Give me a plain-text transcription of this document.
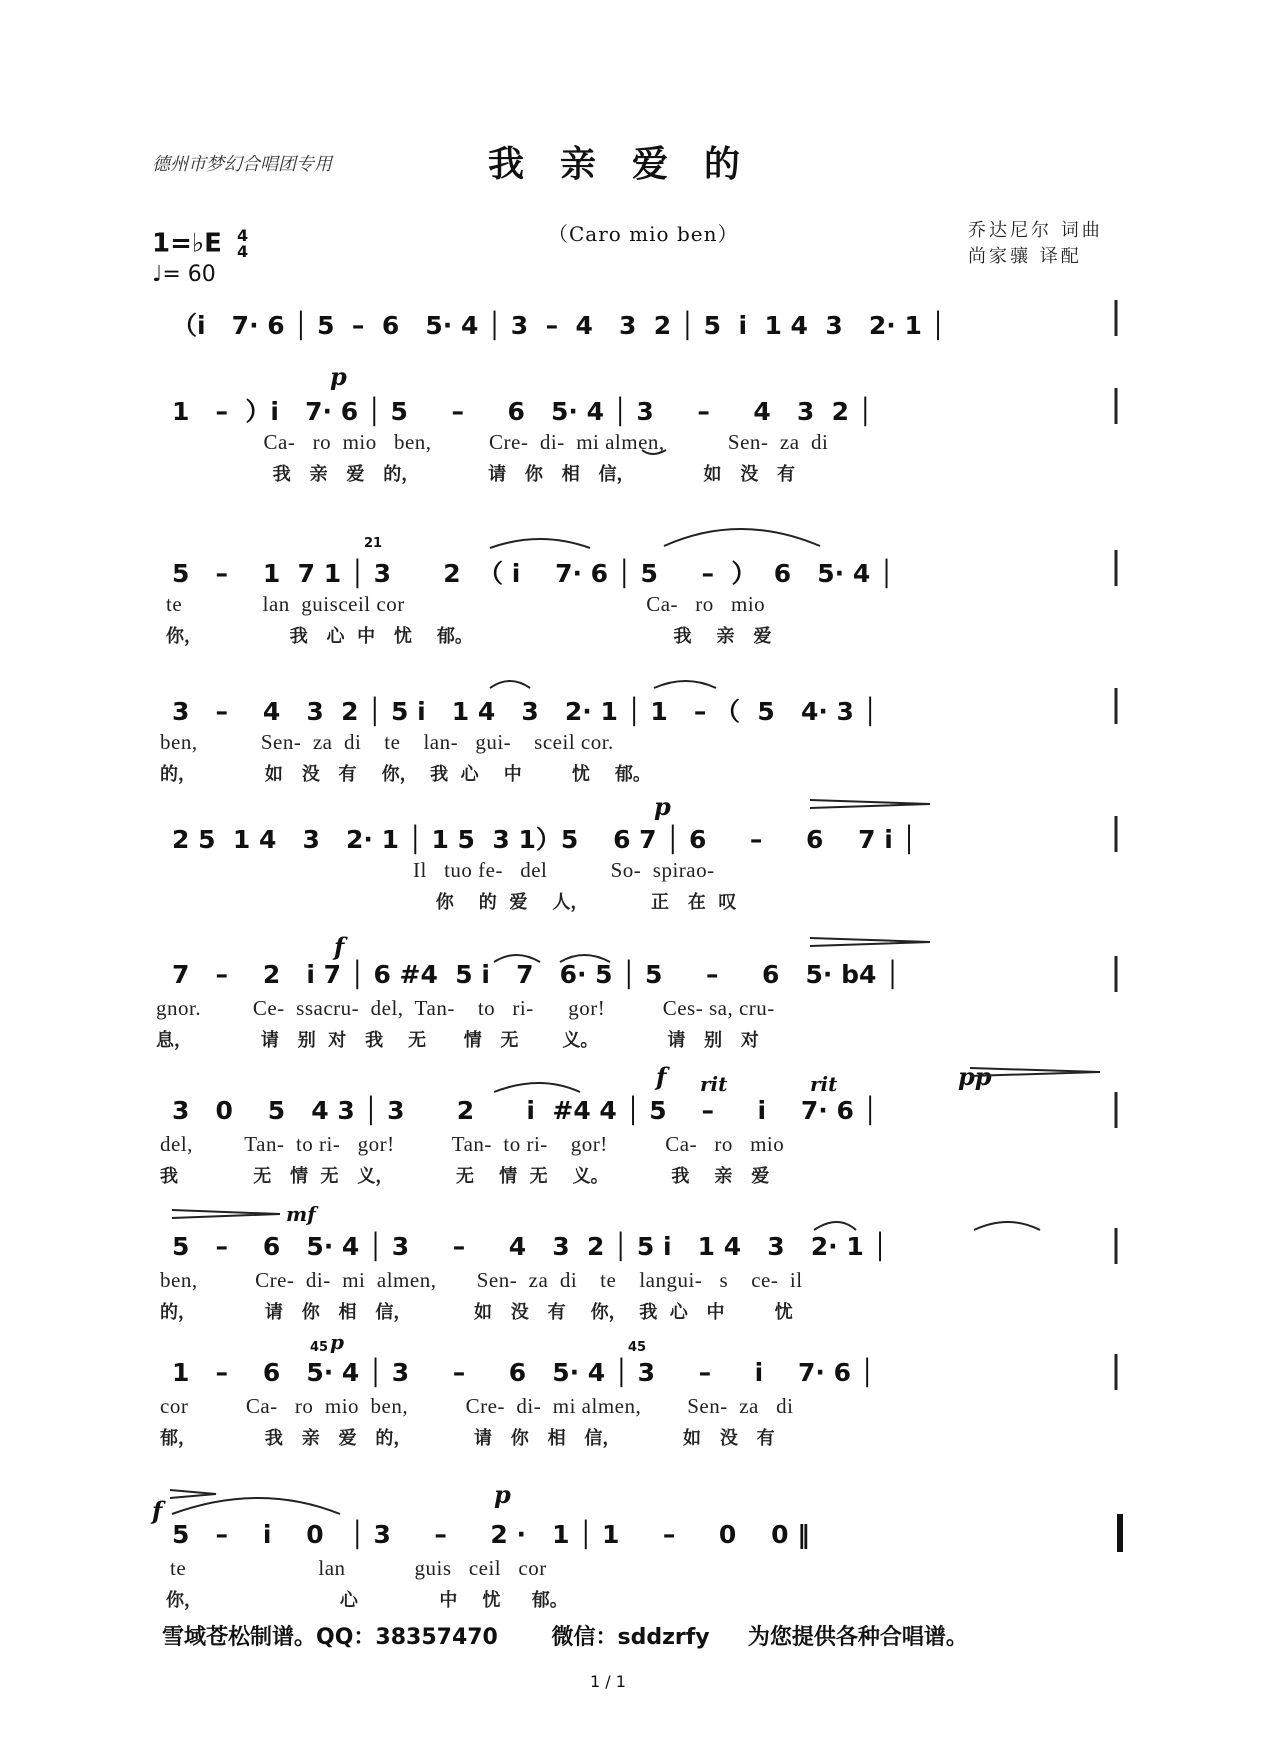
德州市梦幻合唱团专用	我亲爱的
（Caro mio ben）	乔达尼尔 词曲
尚家骧 译配
1=♭E 4
4
♩= 60
（i   7· 6 │ 5  –  6   5· 4 │ 3  –  4   3  2 │ 5  i  1 4  3   2· 1 │
1   –  ）i   7· 6 │ 5     –     6   5· 4 │ 3     –     4   3  2 │
Ca-   ro  mio   ben,          Cre-  di-  mi almen,           Sen-  za  di
我   亲   爱   的，           请   你   相   信，           如   没   有
5   –    1  7 1 │ 3      2  （ i    7· 6 │ 5     –  ）  6   5· 4 │
te              lan  guisceil cor                                          Ca-   ro   mio
你，              我   心  中   忧    郁。                                我    亲   爱
3   –    4   3  2 │ 5 i   1 4   3   2· 1 │ 1   – （  5   4· 3 │
ben,           Sen-  za  di    te    lan-   gui-    sceil cor.
的，           如   没   有    你，  我  心    中        忧    郁。
2 5  1 4   3   2· 1 │ 1 5  3 1）5    6 7 │ 6     –     6    7 i │
Il   tuo fe-   del           So-  spirao-
你    的  爱    人，          正   在  叹
7   –    2   i 7 │ 6 #4  5 i   7   6· 5 │ 5     –     6   5· b4 │
gnor.         Ce-  ssacru-  del,  Tan-    to   ri-      gor!          Ces- sa, cru-
息，           请   别  对   我    无      情   无       义。           请   别   对
3   0    5   4 3 │ 3      2      i  #4 4 │ 5    –     i    7· 6 │
del,         Tan-  to ri-   gor!          Tan-  to ri-    gor!          Ca-   ro   mio
我            无   情  无   义，          无    情  无    义。          我    亲   爱
5   –    6   5· 4 │ 3     –     4   3  2 │ 5 i   1 4   3   2· 1 │
ben,          Cre-  di-  mi  almen,       Sen-  za  di    te    langui-   s    ce-  il
的，           请   你   相   信，          如   没   有    你，  我  心   中        忧
1   –    6   5· 4 │ 3     –     6   5· 4 │ 3     –     i    7· 6 │
cor          Ca-   ro  mio  ben,          Cre-  di-  mi almen,        Sen-  za   di
郁，           我   亲   爱   的，          请   你   相   信，          如   没   有
5   –    i    0   │ 3     –     2 ·   1 │ 1     –     0    0 ‖
te                       lan            guis   ceil   cor
你，                      心             中    忧     郁。
p
p
f
f rit	rit	pp
mf
p
f
p
21
45	45
雪域苍松制谱。QQ：38357470       微信：sddzrfy     为您提供各种合唱谱。
1 / 1
